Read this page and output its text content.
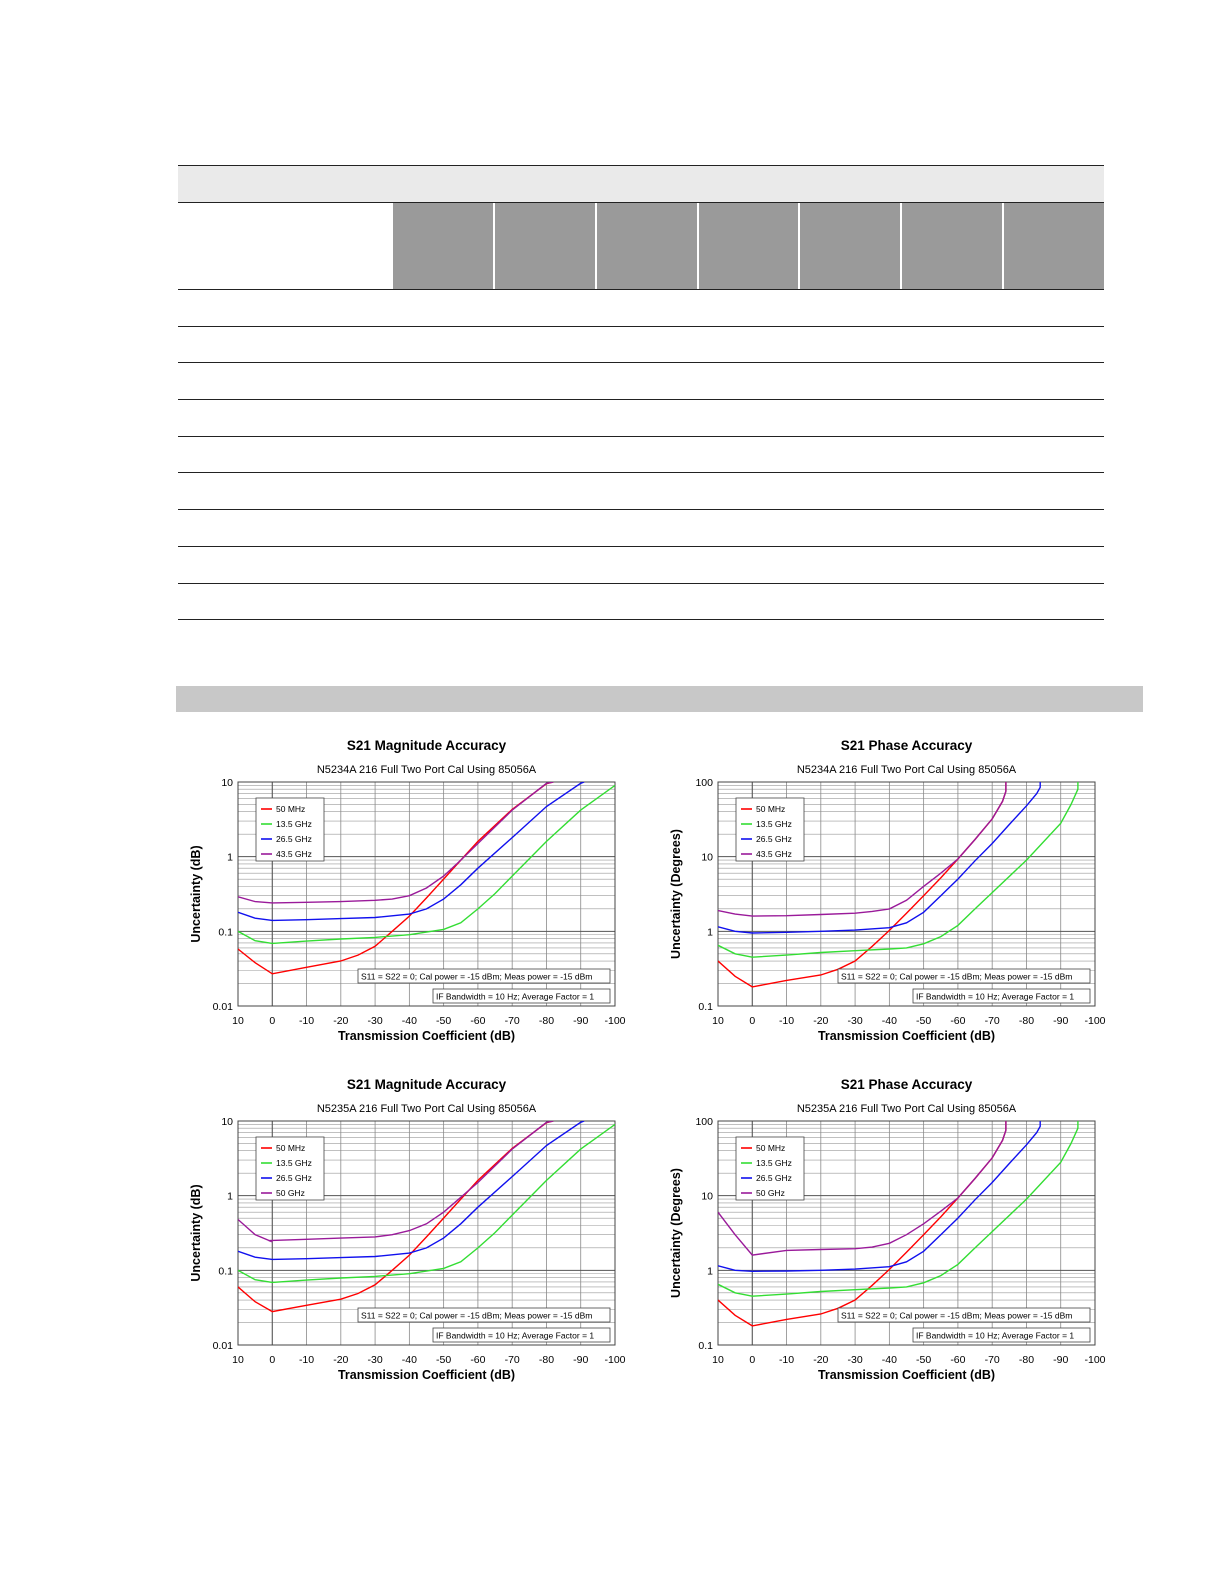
S21 Magnitude Accuracy
N5234A 216 Full Two Port Cal Using 85056A
0.01
0.1
1
10
10 0 -10 -20 -30 -40 -50 -60 -70 -80 -90 -100
Transmission Coefficient (dB)
Uncertainty (dB)
50 MHz
13.5 GHz
26.5 GHz
43.5 GHz
S11 = S22 = 0; Cal power = -15 dBm; Meas power = -15 dBm
IF Bandwidth = 10 Hz; Average Factor = 1
S21 Phase Accuracy
N5234A 216 Full Two Port Cal Using 85056A
0.1
1
10
100
10 0 -10 -20 -30 -40 -50 -60 -70 -80 -90 -100
Transmission Coefficient (dB)
Uncertainty (Degrees)
50 MHz
13.5 GHz
26.5 GHz
43.5 GHz
S11 = S22 = 0; Cal power = -15 dBm; Meas power = -15 dBm
IF Bandwidth = 10 Hz; Average Factor = 1
S21 Magnitude Accuracy
N5235A 216 Full Two Port Cal Using 85056A
0.01
0.1
1
10
10 0 -10 -20 -30 -40 -50 -60 -70 -80 -90 -100
Transmission Coefficient (dB)
Uncertainty (dB)
50 MHz
13.5 GHz
26.5 GHz
50 GHz
S11 = S22 = 0; Cal power = -15 dBm; Meas power = -15 dBm
IF Bandwidth = 10 Hz; Average Factor = 1
S21 Phase Accuracy
N5235A 216 Full Two Port Cal Using 85056A
0.1
1
10
100
10 0 -10 -20 -30 -40 -50 -60 -70 -80 -90 -100
Transmission Coefficient (dB)
Uncertainty (Degrees)
50 MHz
13.5 GHz
26.5 GHz
50 GHz
S11 = S22 = 0; Cal power = -15 dBm; Meas power = -15 dBm
IF Bandwidth = 10 Hz; Average Factor = 1
